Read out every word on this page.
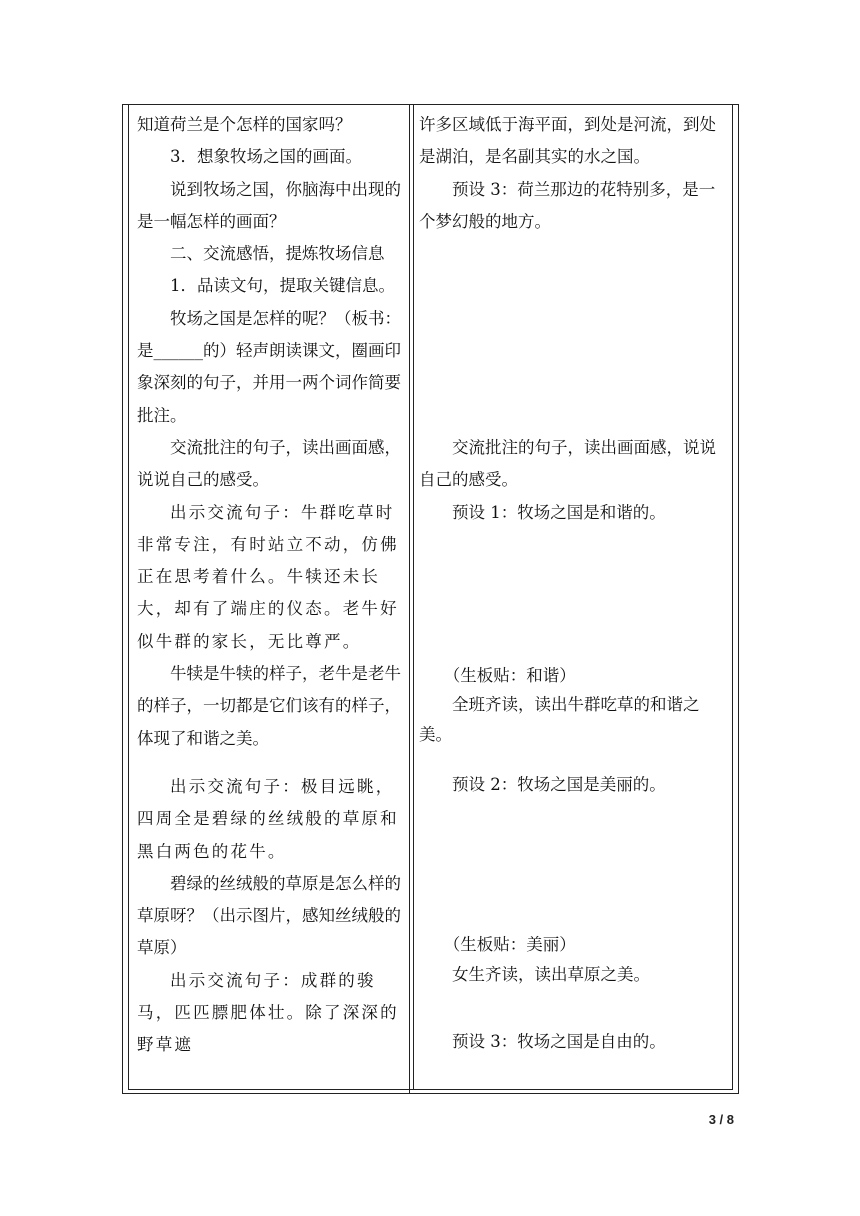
知道荷兰是个怎样的国家吗？

3．想象牧场之国的画面。

说到牧场之国，你脑海中出现的是一幅怎样的画面？

二、交流感悟，提炼牧场信息

1．品读文句，提取关键信息。

牧场之国是怎样的呢？（板书：是______的）轻声朗读课文，圈画印象深刻的句子，并用一两个词作简要批注。

交流批注的句子，读出画面感，说说自己的感受。

出示交流句子：牛群吃草时非常专注，有时站立不动，仿佛正在思考着什么。牛犊还未长大，却有了端庄的仪态。老牛好似牛群的家长，无比尊严。

牛犊是牛犊的样子，老牛是老牛的样子，一切都是它们该有的样子，体现了和谐之美。

出示交流句子：极目远眺，四周全是碧绿的丝绒般的草原和黑白两色的花牛。

碧绿的丝绒般的草原是怎么样的草原呀？（出示图片，感知丝绒般的草原）

出示交流句子：成群的骏马，匹匹膘肥体壮。除了深深的野草遮

许多区域低于海平面，到处是河流，到处是湖泊，是名副其实的水之国。

预设 3：荷兰那边的花特别多，是一个梦幻般的地方。

交流批注的句子，读出画面感，说说自己的感受。

预设 1：牧场之国是和谐的。

（生板贴：和谐）

全班齐读，读出牛群吃草的和谐之美。

预设 2：牧场之国是美丽的。

（生板贴：美丽）

女生齐读，读出草原之美。

预设 3：牧场之国是自由的。

3 / 8
